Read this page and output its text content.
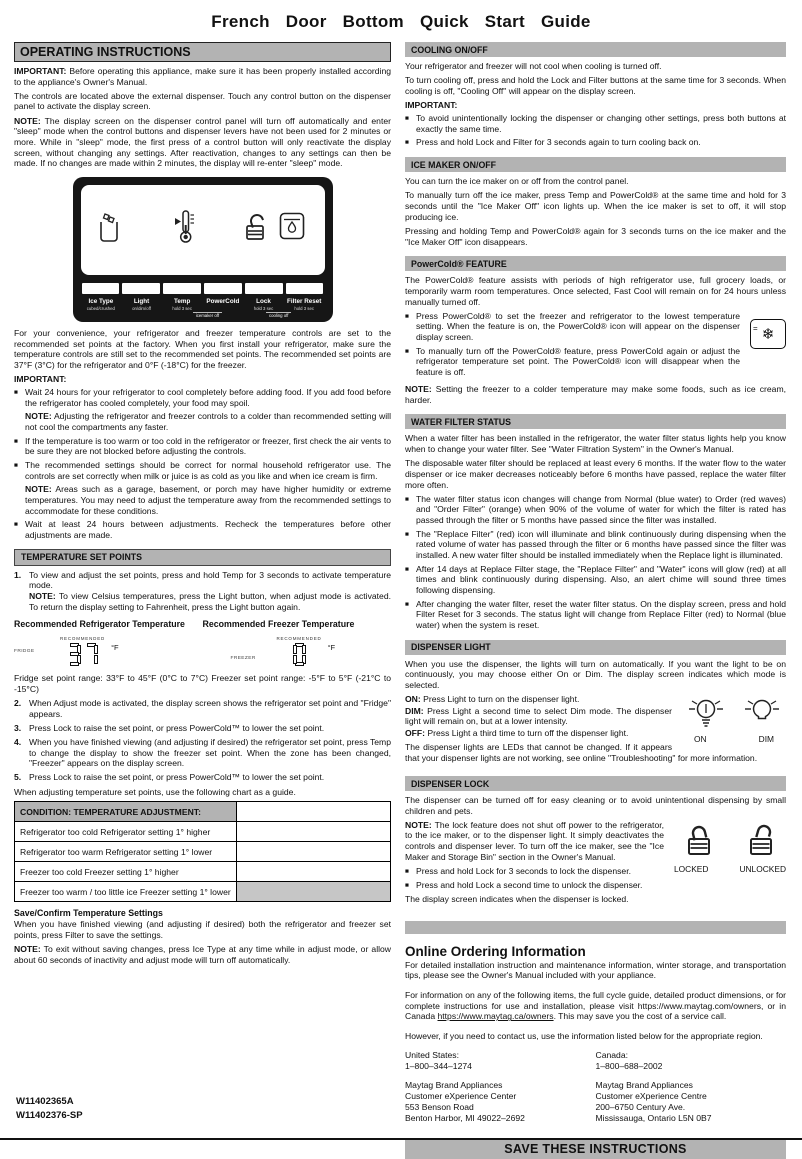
French Door Bottom Quick Start Guide
OPERATING INSTRUCTIONS

IMPORTANT: Before operating this appliance, make sure it has been properly installed according to the appliance's Owner's Manual.

The controls are located above the external dispenser. Touch any control button on the dispenser panel to activate the display screen.

NOTE: The display screen on the dispenser control panel will turn off automatically and enter "sleep" mode when the control buttons and dispenser levers have not been used for 2 minutes or more. While in "sleep" mode, the first press of a control button will only reactivate the display screen, without changing any settings. After reactivation, changes to any settings can then be made. If no changes are made within 2 minutes, the display will re-enter "sleep" mode.

Ice Type
cubed/crushed
Light
on/dim/off
Temp
hold 3 sec
PowerCold	Lock
hold 3 sec
Filter Reset
hold 3 sec
icemaker off	cooling off

For your convenience, your refrigerator and freezer temperature controls are set to the recommended set points at the factory. When you first install your refrigerator, make sure the temperature controls are still set to the recommended set points. The recommended set points are 37°F (3°C) for the refrigerator and 0°F (-18°C) for the freezer.

IMPORTANT:
■ Wait 24 hours for your refrigerator to cool completely before adding food. If you add food before the refrigerator has cooled completely, your food may spoil.
NOTE: Adjusting the refrigerator and freezer controls to a colder than recommended setting will not cool the compartments any faster.
■ If the temperature is too warm or too cold in the refrigerator or freezer, first check the air vents to be sure they are not blocked before adjusting the controls.
■ The recommended settings should be correct for normal household refrigerator use. The controls are set correctly when milk or juice is as cold as you like and when ice cream is firm.
NOTE: Areas such as a garage, basement, or porch may have higher humidity or extreme temperatures. You may need to adjust the temperature away from the recommended settings to accommodate for these conditions.
■ Wait at least 24 hours between adjustments. Recheck the temperatures before other adjustments are made.
TEMPERATURE SET POINTS
1. To view and adjust the set points, press and hold Temp for 3 seconds to activate temperature mode.
NOTE: To view Celsius temperatures, press the Light button, when adjust mode is activated. To return the display setting to Fahrenheit, press the Light button again.
Recommended Refrigerator Temperature
FRIDGE
RECOMMENDED
°F
Recommended Freezer Temperature
FREEZER
RECOMMENDED
°F

Fridge set point range: 33°F to 45°F (0°C to 7°C) Freezer set point range: -5°F to 5°F (-21°C to -15°C)

2. When Adjust mode is activated, the display screen shows the refrigerator set point and "Fridge" appears.
3. Press Lock to raise the set point, or press PowerCold™ to lower the set point.
4. When you have finished viewing (and adjusting if desired) the refrigerator set point, press Temp to change the display to show the freezer set point. When the zone has been changed, "Freezer" appears on the display screen.
5. Press Lock to raise the set point, or press PowerCold™ to lower the set point.

When adjusting temperature set points, use the following chart as a guide.

CONDITION: TEMPERATURE ADJUSTMENT:	
Refrigerator too cold Refrigerator setting 1° higher	
Refrigerator too warm Refrigerator setting 1° lower	
Freezer too cold Freezer setting 1° higher	
Freezer too warm / too little ice Freezer setting 1° lower	
Save/Confirm Temperature Settings

When you have finished viewing (and adjusting if desired) both the refrigerator and freezer set points, press Filter to save the settings.

NOTE: To exit without saving changes, press Ice Type at any time while in adjust mode, or allow about 60 seconds of inactivity and adjust mode will turn off automatically.

COOLING ON/OFF

Your refrigerator and freezer will not cool when cooling is turned off.

To turn cooling off, press and hold the Lock and Filter buttons at the same time for 3 seconds. When cooling is off, "Cooling Off" will appear on the display screen.

IMPORTANT:
■ To avoid unintentionally locking the dispenser or changing other settings, press both buttons at exactly the same time.
■ Press and hold Lock and Filter for 3 seconds again to turn cooling back on.
ICE MAKER ON/OFF

You can turn the ice maker on or off from the control panel.

To manually turn off the ice maker, press Temp and PowerCold® at the same time and hold for 3 seconds until the "Ice Maker Off" icon lights up. When the ice maker is set to off, it will stop producing ice.

Pressing and holding Temp and PowerCold® again for 3 seconds turns on the ice maker and the "Ice Maker Off" icon disappears.

PowerCold® FEATURE

The PowerCold® feature assists with periods of high refrigerator use, full grocery loads, or temporarily warm room temperatures. Once selected, Fast Cool will remain on for 24 hours unless manually turned off.

= ❄
■ Press PowerCold® to set the freezer and refrigerator to the lowest temperature setting. When the feature is on, the PowerCold® icon will appear on the dispenser display screen.
■ To manually turn off the PowerCold® feature, press PowerCold again or adjust the refrigerator temperature set point. The PowerCold® icon will disappear when the feature is off.

NOTE: Setting the freezer to a colder temperature may make some foods, such as ice cream, harder.

WATER FILTER STATUS

When a water filter has been installed in the refrigerator, the water filter status lights help you know when to change your water filter. See "Water Filtration System" in the Owner's Manual.

The disposable water filter should be replaced at least every 6 months. If the water flow to the water dispenser or ice maker decreases noticeably before 6 months have passed, replace the water filter more often.

■ The water filter status icon changes will change from Normal (blue water) to Order (red waves) and "Order Filter" (orange) when 90% of the volume of water for which the filter is rated has passed through the filter or 5 months have passed since the filter was installed.
■ The "Replace Filter" (red) icon will illuminate and blink continuously during dispensing when the rated volume of water has passed through the filter or 6 months have passed since the filter was installed. A new water filter should be installed immediately when the Replace light is illuminated.
■ After 14 days at Replace Filter stage, the "Replace Filter" and "Water" icons will glow (red) at all times and blink continuously during dispensing. Also, an alert chime will sound three times following dispensing.
■ After changing the water filter, reset the water filter status. On the display screen, press and hold Filter Reset for 3 seconds. The status light will change from Replace Filter (red) to Normal (blue water) when the system is reset.
DISPENSER LIGHT

When you use the dispenser, the lights will turn on automatically. If you want the light to be on continuously, you may choose either On or Dim. The display screen indicates which mode is selected.

ON	DIM

ON: Press Light to turn on the dispenser light.

DIM: Press Light a second time to select Dim mode. The dispenser light will remain on, but at a lower intensity.

OFF: Press Light a third time to turn off the dispenser light.

The dispenser lights are LEDs that cannot be changed. If it appears that your dispenser lights are not working, see online "Troubleshooting" for more information.

DISPENSER LOCK

The dispenser can be turned off for easy cleaning or to avoid unintentional dispensing by small children and pets.

LOCKED	UNLOCKED

NOTE: The lock feature does not shut off power to the refrigerator, to the ice maker, or to the dispenser light. It simply deactivates the controls and dispenser lever. To turn off the ice maker, see the "Ice Maker and Storage Bin" section in the Owner's Manual.

■ Press and hold Lock for 3 seconds to lock the dispenser.
■ Press and hold Lock a second time to unlock the dispenser.

The display screen indicates when the dispenser is locked.

Online Ordering Information

For detailed installation instruction and maintenance information, winter storage, and transportation tips, please see the Owner's Manual included with your appliance.

For information on any of the following items, the full cycle guide, detailed product dimensions, or for complete instructions for use and installation, please visit https://www.maytag.com/owners, or in Canada https://www.maytag.ca/owners. This may save you the cost of a service call.

However, if you need to contact us, use the information listed below for the appropriate region.

United States:
1–800–344–1274
Maytag Brand Appliances
Customer eXperience Center
553 Benson Road
Benton Harbor, MI 49022–2692
Canada:
1–800–688–2002
Maytag Brand Appliances
Customer eXperience Centre
200–6750 Century Ave.
Mississauga, Ontario L5N 0B7
SAVE THESE INSTRUCTIONS
W11402365A
W11402376-SP
